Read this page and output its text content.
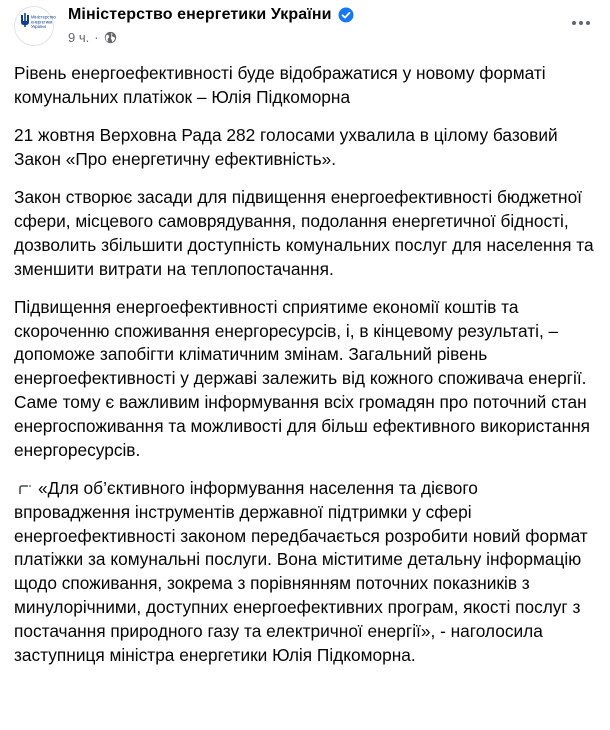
Міністерство
енергетики
України
Міністерство енергетики України
9 ч. ·

Рівень енергоефективності буде відображатися у новому форматі комунальних платіжок – Юлія Підкоморна

21 жовтня Верховна Рада 282 голосами ухвалила в цілому базовий Закон «Про енергетичну ефективність».

Закон створює засади для підвищення енергоефективності бюджетної сфери, місцевого самоврядування, подолання енергетичної бідності, дозволить збільшити доступність комунальних послуг для населення та зменшити витрати на теплопостачання.

Підвищення енергоефективності сприятиме економії коштів та скороченню споживання енергоресурсів, і, в кінцевому результаті, – допоможе запобігти кліматичним змінам. Загальний рівень енергоефективності у державі залежить від кожного споживача енергії. Саме тому є важливим інформування всіх громадян про поточний стан енергоспоживання та можливості для більш ефективного використання енергоресурсів.

«Для об’єктивного інформування населення та дієвого впровадження інструментів державної підтримки у сфері енергоефективності законом передбачається розробити новий формат платіжки за комунальні послуги. Вона міститиме детальну інформацію щодо споживання, зокрема з порівнянням поточних показників з минулорічними, доступних енергоефективних програм, якості послуг з постачання природного газу та електричної енергії», - наголосила заступниця міністра енергетики Юлія Підкоморна.
